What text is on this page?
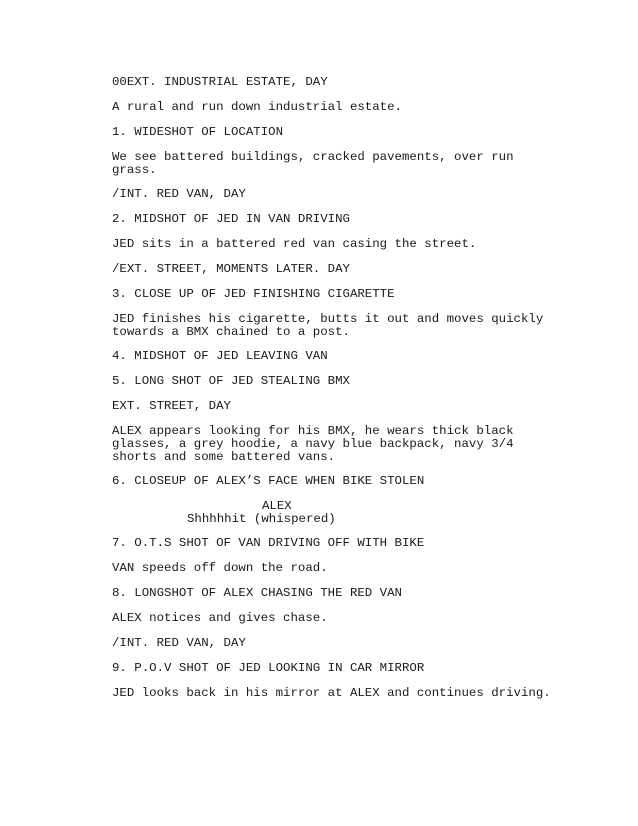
00EXT. INDUSTRIAL ESTATE, DAY
A rural and run down industrial estate.
1. WIDESHOT OF LOCATION
We see battered buildings, cracked pavements, over run
grass.
/INT. RED VAN, DAY
2. MIDSHOT OF JED IN VAN DRIVING
JED sits in a battered red van casing the street.
/EXT. STREET, MOMENTS LATER. DAY
3. CLOSE UP OF JED FINISHING CIGARETTE
JED finishes his cigarette, butts it out and moves quickly
towards a BMX chained to a post.
4. MIDSHOT OF JED LEAVING VAN
5. LONG SHOT OF JED STEALING BMX
EXT. STREET, DAY
ALEX appears looking for his BMX, he wears thick black
glasses, a grey hoodie, a navy blue backpack, navy 3/4
shorts and some battered vans.
6. CLOSEUP OF ALEX’S FACE WHEN BIKE STOLEN
ALEX
Shhhhhit (whispered)
7. O.T.S SHOT OF VAN DRIVING OFF WITH BIKE
VAN speeds off down the road.
8. LONGSHOT OF ALEX CHASING THE RED VAN
ALEX notices and gives chase.
/INT. RED VAN, DAY
9. P.O.V SHOT OF JED LOOKING IN CAR MIRROR
JED looks back in his mirror at ALEX and continues driving.
